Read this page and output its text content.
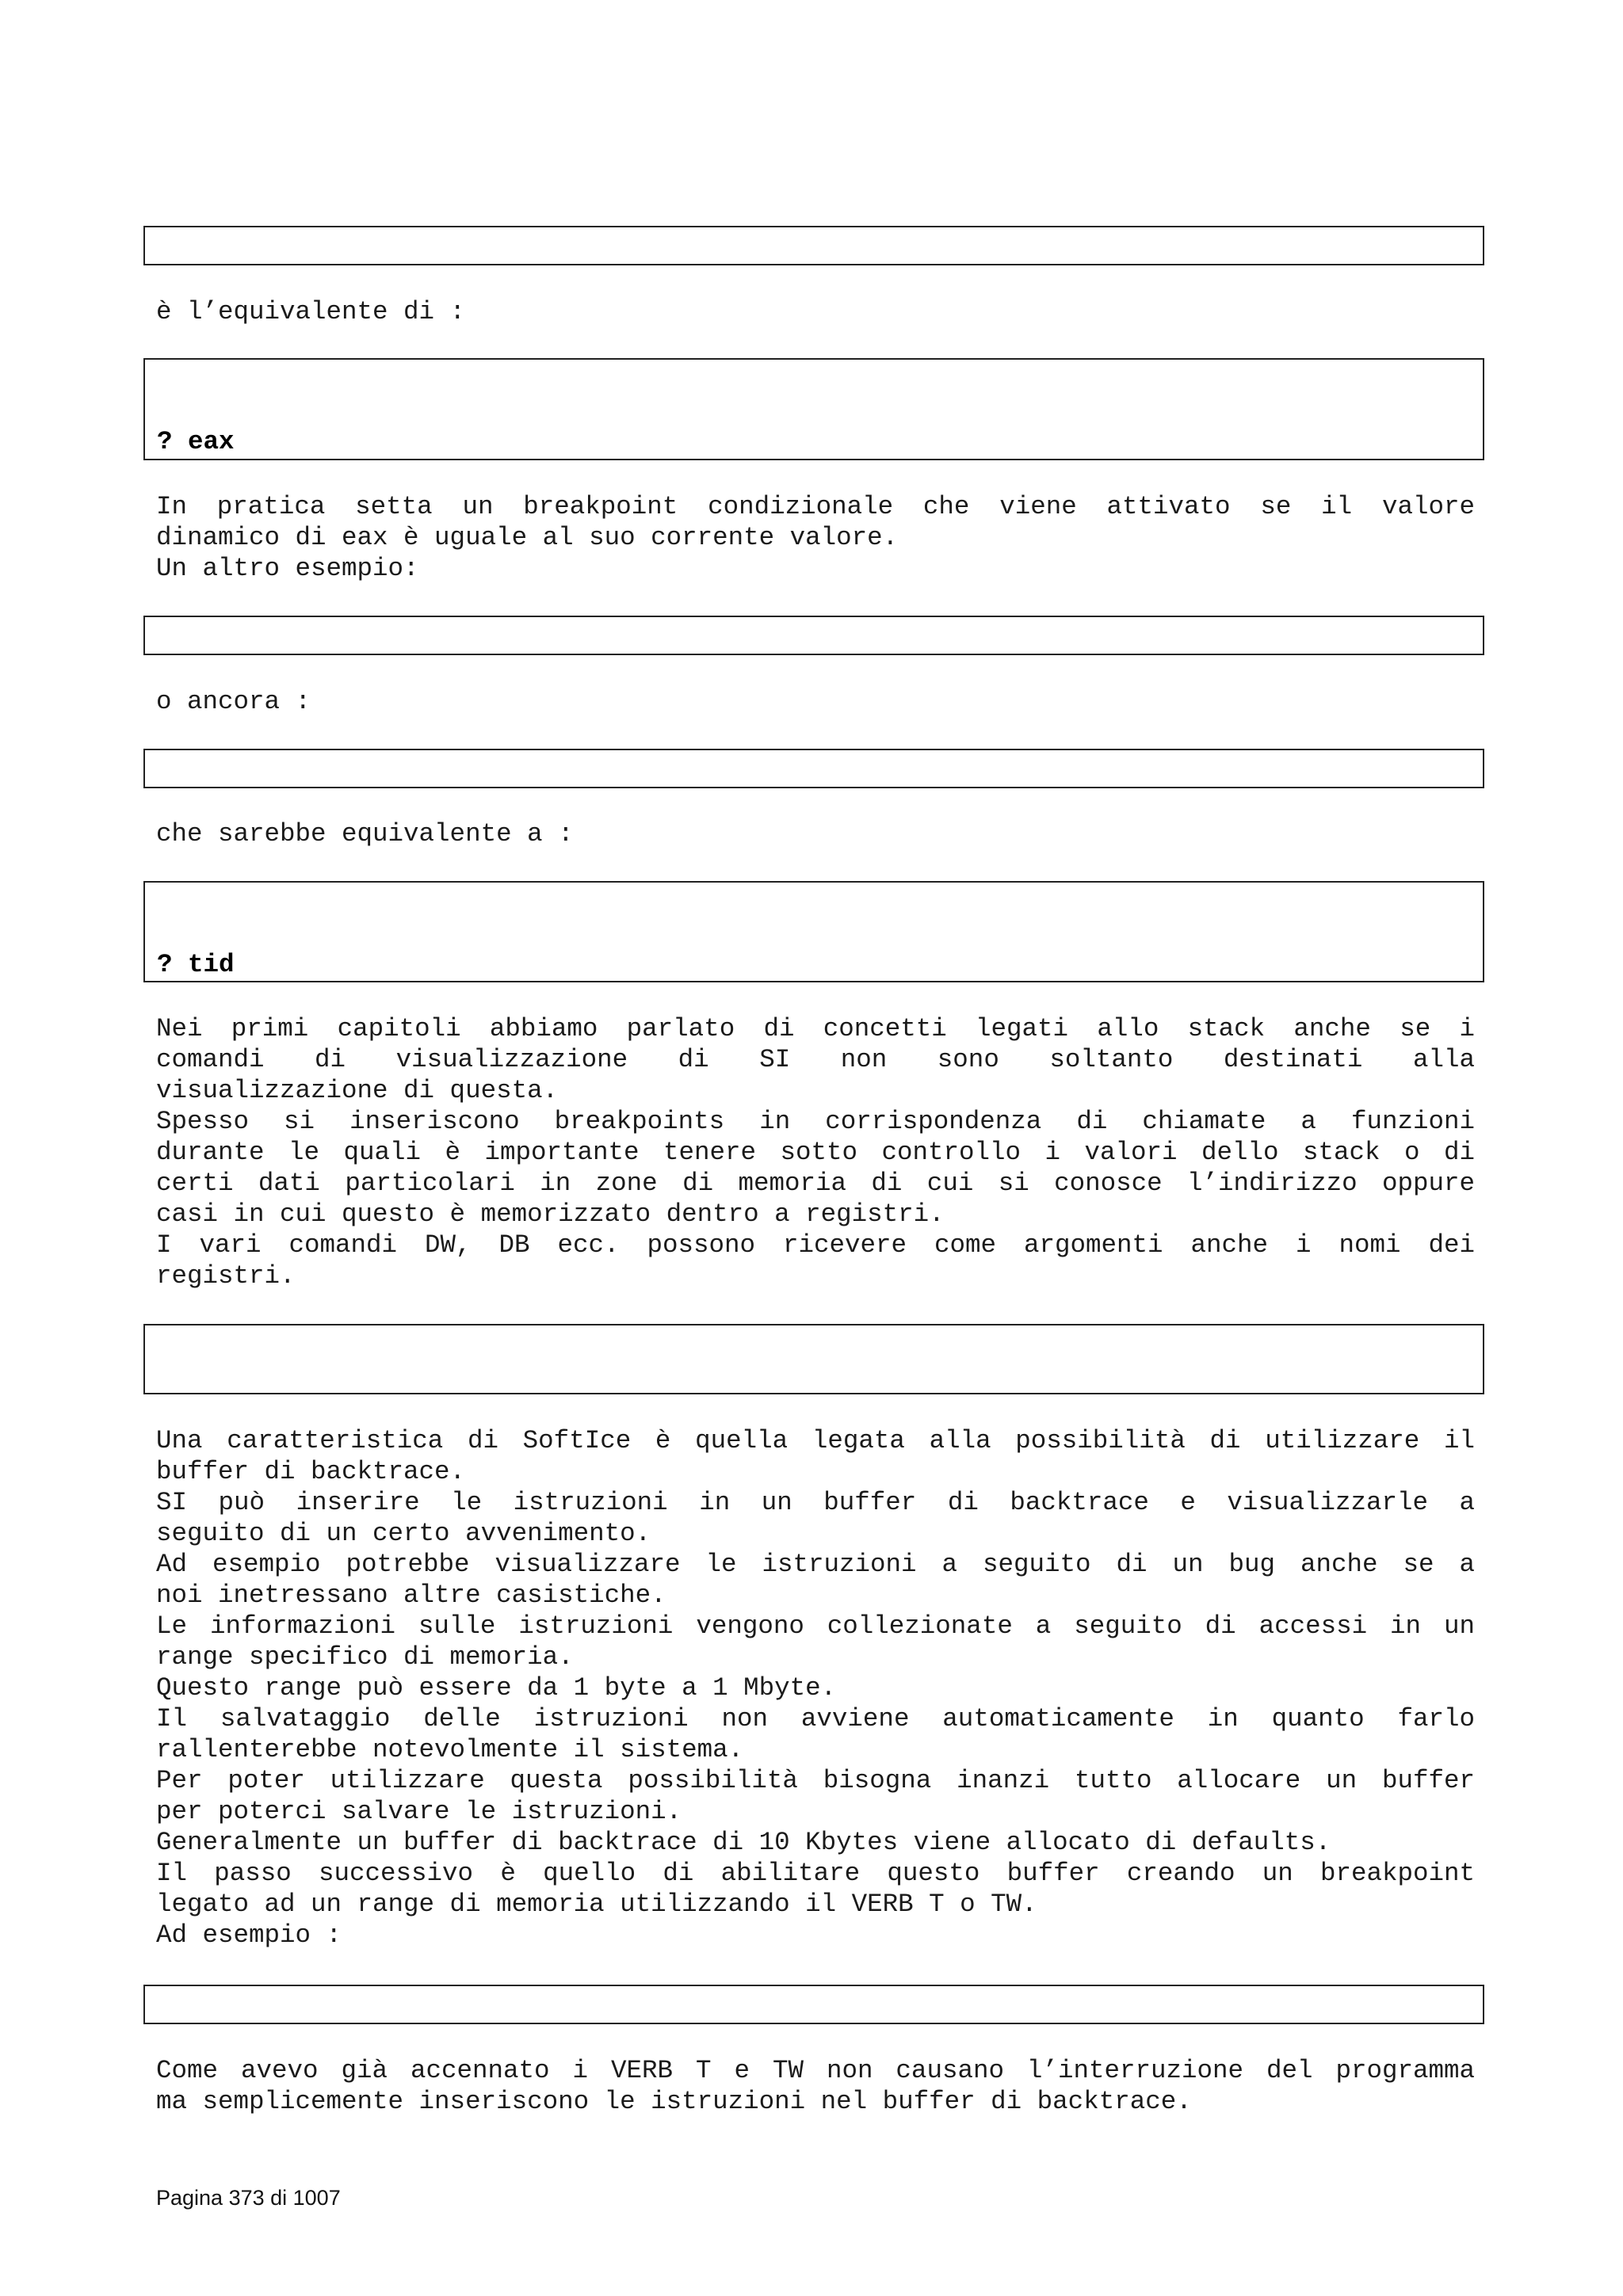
è l’equivalente di :

? eax

In pratica setta un breakpoint condizionale che viene attivato se il valore
dinamico di eax è uguale al suo corrente valore.
Un altro esempio:

o ancora :

che sarebbe equivalente a :

? tid

Nei primi capitoli abbiamo parlato di concetti legati allo stack anche se i
comandi di visualizzazione di SI non sono soltanto destinati alla
visualizzazione di questa.
Spesso si inseriscono breakpoints in corrispondenza di chiamate a funzioni
durante le quali è importante tenere sotto controllo i valori dello stack o di
certi dati particolari in zone di memoria di cui si conosce l’indirizzo oppure
casi in cui questo è memorizzato dentro a registri.
I vari comandi DW, DB ecc. possono ricevere come argomenti anche i nomi dei
registri.

Una caratteristica di SoftIce è quella legata alla possibilità di utilizzare il
buffer di backtrace.
SI può inserire le istruzioni in un buffer di backtrace e visualizzarle a
seguito di un certo avvenimento.
Ad esempio potrebbe visualizzare le istruzioni a seguito di un bug anche se a
noi inetressano altre casistiche.
Le informazioni sulle istruzioni vengono collezionate a seguito di accessi in un
range specifico di memoria.
Questo range può essere da 1 byte a 1 Mbyte.
Il salvataggio delle istruzioni non avviene automaticamente in quanto farlo
rallenterebbe notevolmente il sistema.
Per poter utilizzare questa possibilità bisogna inanzi tutto allocare un buffer
per poterci salvare le istruzioni.
Generalmente un buffer di backtrace di 10 Kbytes viene allocato di defaults.
Il passo successivo è quello di abilitare questo buffer creando un breakpoint
legato ad un range di memoria utilizzando il VERB T o TW.
Ad esempio :

Come avevo già accennato i VERB T e TW non causano l’interruzione del programma
ma semplicemente inseriscono le istruzioni nel buffer di backtrace.
Pagina 373 di 1007
